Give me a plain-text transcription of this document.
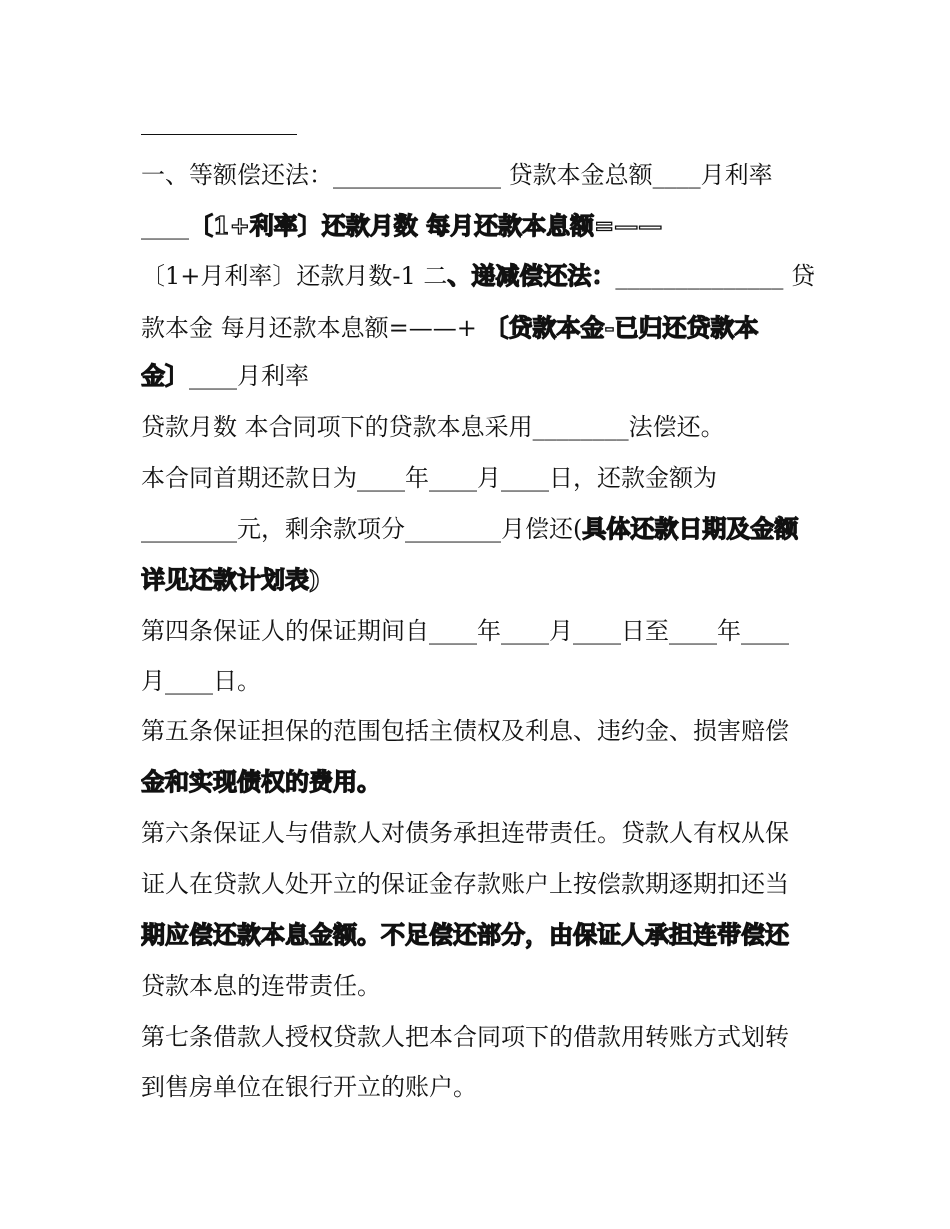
一、等额偿还法：______________ 贷款本金总额____月利率
____〔1+利率〕还款月数 每月还款本息额=——
〔1+月利率〕还款月数-1 二、递减偿还法：______________ 贷
款本金 每月还款本息额=——+ 〔贷款本金-已归还贷款本
金〕____月利率
贷款月数 本合同项下的贷款本息采用________法偿还。
本合同首期还款日为____年____月____日，还款金额为
________元，剩余款项分________月偿还(具体还款日期及金额
详见还款计划表)
第四条保证人的保证期间自____年____月____日至____年____
月____日。
第五条保证担保的范围包括主债权及利息、违约金、损害赔偿
金和实现债权的费用。
第六条保证人与借款人对债务承担连带责任。贷款人有权从保
证人在贷款人处开立的保证金存款账户上按偿款期逐期扣还当
期应偿还款本息金额。不足偿还部分，由保证人承担连带偿还
贷款本息的连带责任。
第七条借款人授权贷款人把本合同项下的借款用转账方式划转
到售房单位在银行开立的账户。
